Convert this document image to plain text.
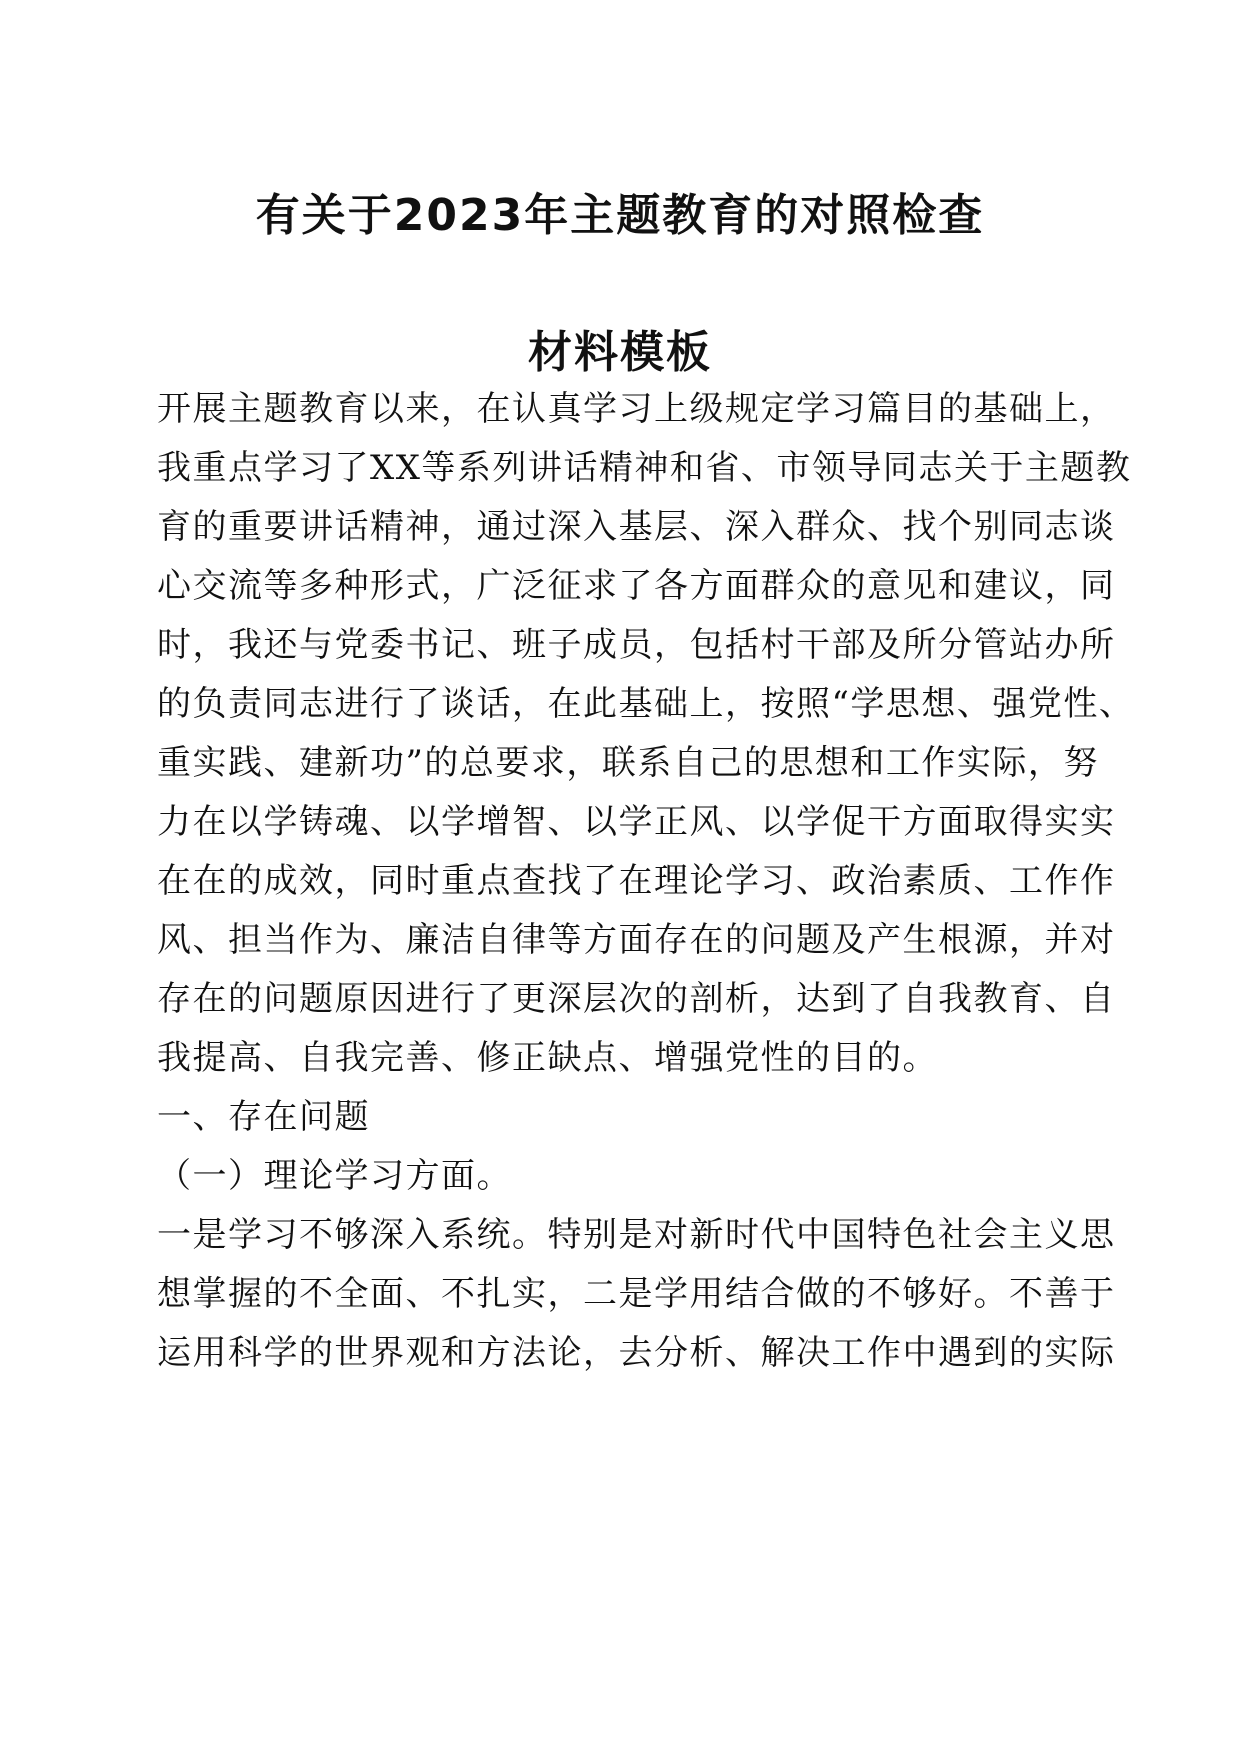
有关于2023年主题教育的对照检查
材料模板
开展主题教育以来，在认真学习上级规定学习篇目的基础上，
我重点学习了XX等系列讲话精神和省、市领导同志关于主题教
育的重要讲话精神，通过深入基层、深入群众、找个别同志谈
心交流等多种形式，广泛征求了各方面群众的意见和建议，同
时，我还与党委书记、班子成员，包括村干部及所分管站办所
的负责同志进行了谈话，在此基础上，按照“学思想、强党性、
重实践、建新功”的总要求，联系自己的思想和工作实际，努
力在以学铸魂、以学增智、以学正风、以学促干方面取得实实
在在的成效，同时重点查找了在理论学习、政治素质、工作作
风、担当作为、廉洁自律等方面存在的问题及产生根源，并对
存在的问题原因进行了更深层次的剖析，达到了自我教育、自
我提高、自我完善、修正缺点、增强党性的目的。
一、存在问题
（一）理论学习方面。
一是学习不够深入系统。特别是对新时代中国特色社会主义思
想掌握的不全面、不扎实，二是学用结合做的不够好。不善于
运用科学的世界观和方法论，去分析、解决工作中遇到的实际
